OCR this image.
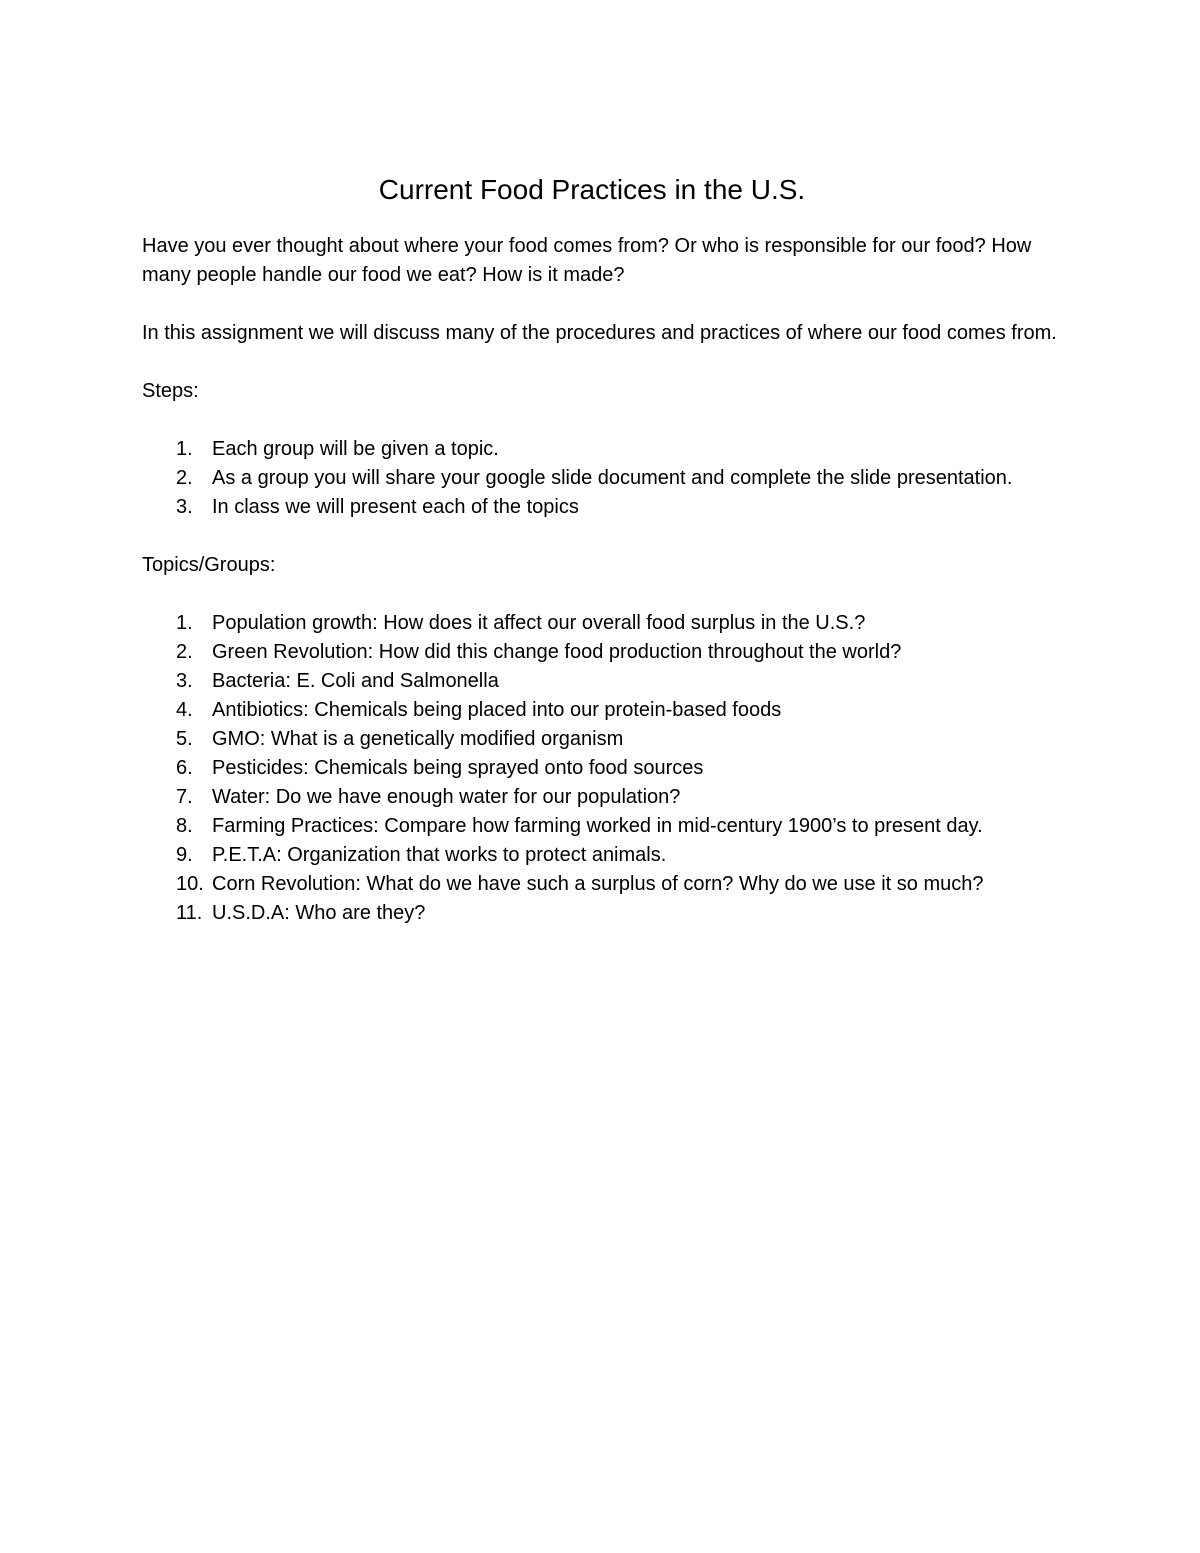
Current Food Practices in the U.S.

Have you ever thought about where your food comes from? Or who is responsible for our food? How many people handle our food we eat? How is it made?

In this assignment we will discuss many of the procedures and practices of where our food comes from.

Steps:

1. Each group will be given a topic.
2. As a group you will share your google slide document and complete the slide presentation.
3. In class we will present each of the topics

Topics/Groups:

1. Population growth: How does it affect our overall food surplus in the U.S.?
2. Green Revolution: How did this change food production throughout the world?
3. Bacteria: E. Coli and Salmonella
4. Antibiotics: Chemicals being placed into our protein-based foods
5. GMO: What is a genetically modified organism
6. Pesticides: Chemicals being sprayed onto food sources
7. Water: Do we have enough water for our population?
8. Farming Practices: Compare how farming worked in mid-century 1900’s to present day.
9. P.E.T.A: Organization that works to protect animals.
10. Corn Revolution: What do we have such a surplus of corn? Why do we use it so much?
11. U.S.D.A: Who are they?
